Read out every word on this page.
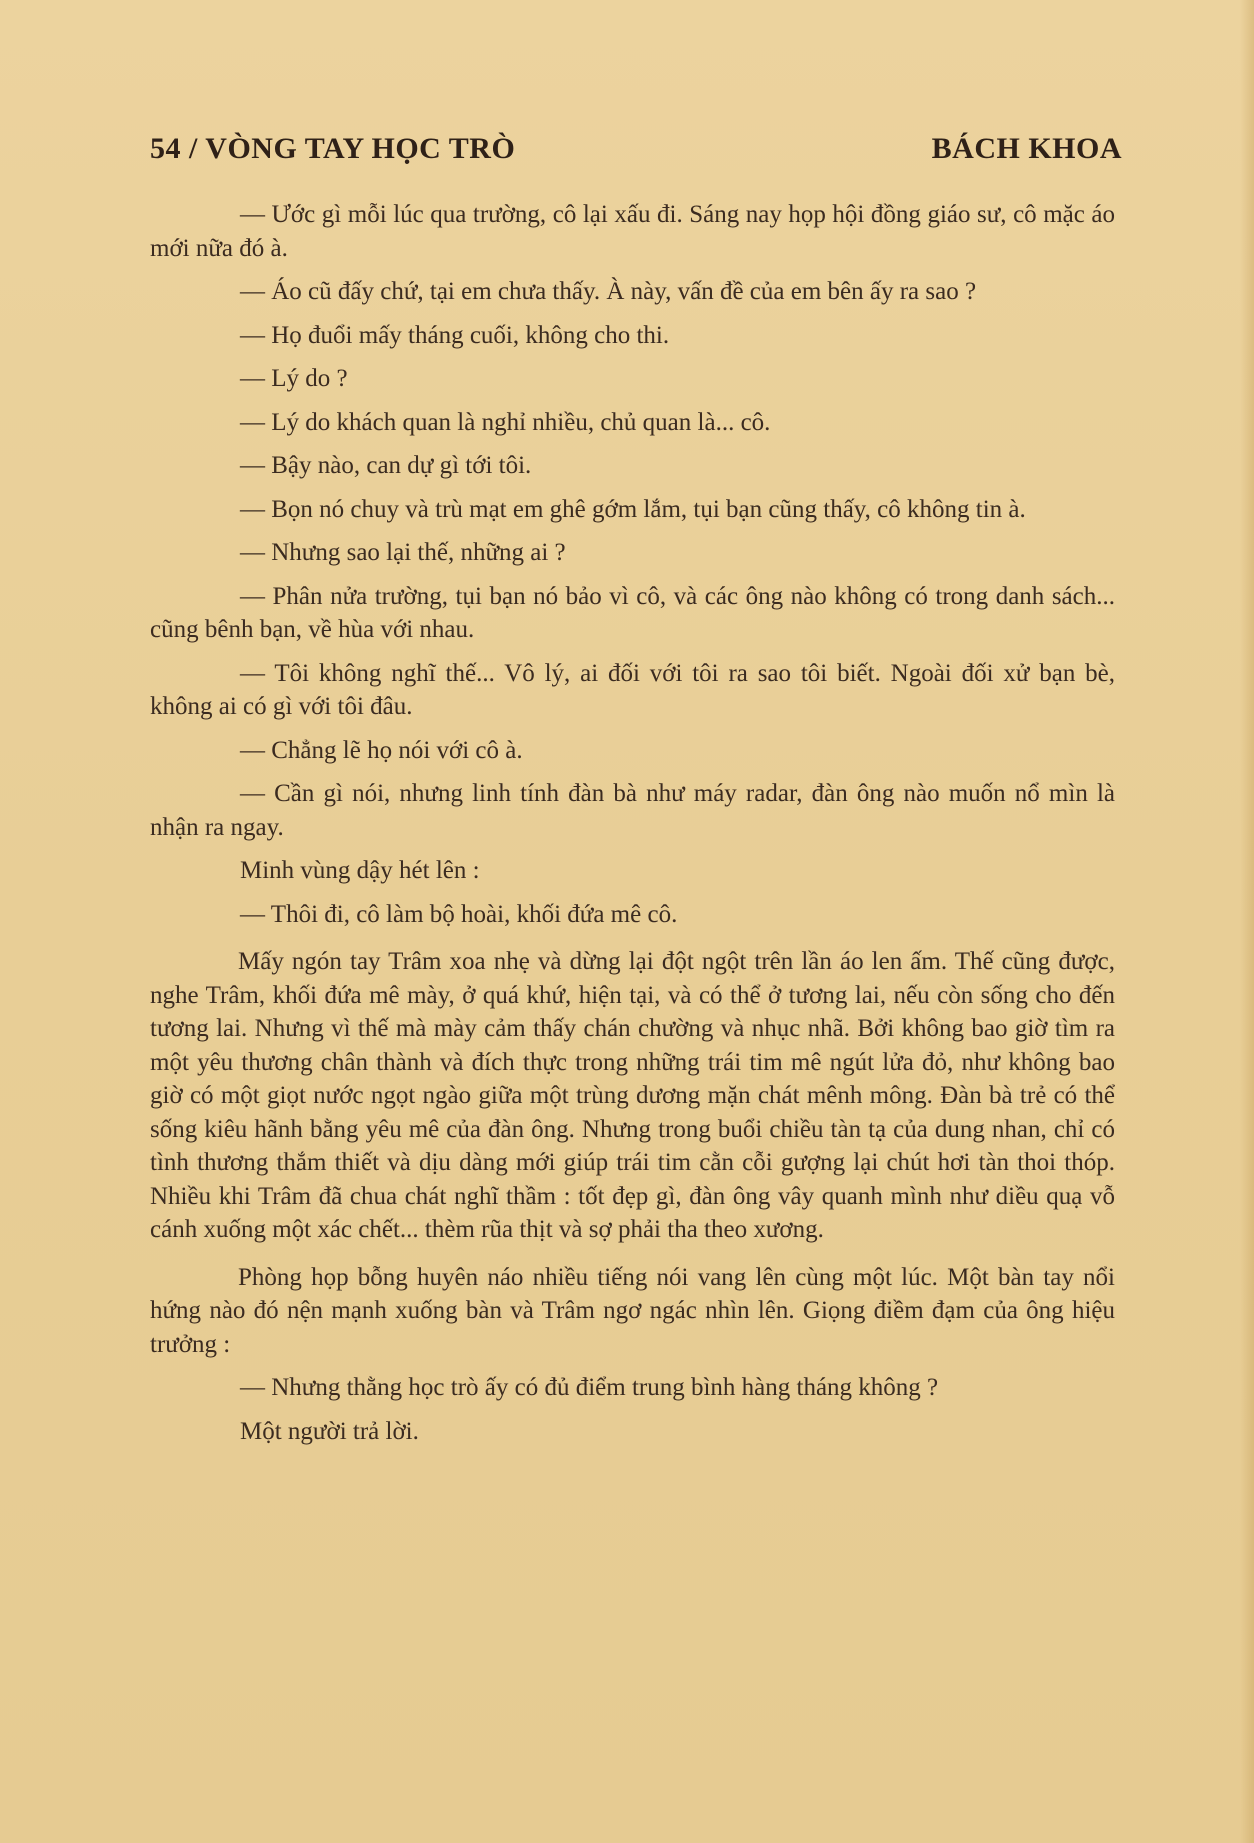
54 / VÒNG TAY HỌC TRÒ	BÁCH KHOA

— Ước gì mỗi lúc qua trường, cô lại xấu đi. Sáng nay họp hội đồng giáo sư, cô mặc áo mới nữa đó à.

— Áo cũ đấy chứ, tại em chưa thấy. À này, vấn đề của em bên ấy ra sao ?

— Họ đuổi mấy tháng cuối, không cho thi.

— Lý do ?

— Lý do khách quan là nghỉ nhiều, chủ quan là... cô.

— Bậy nào, can dự gì tới tôi.

— Bọn nó chuy và trù mạt em ghê gớm lắm, tụi bạn cũng thấy, cô không tin à.

— Nhưng sao lại thế, những ai ?

— Phân nửa trường, tụi bạn nó bảo vì cô, và các ông nào không có trong danh sách... cũng bênh bạn, về hùa với nhau.

— Tôi không nghĩ thế... Vô lý, ai đối với tôi ra sao tôi biết. Ngoài đối xử bạn bè, không ai có gì với tôi đâu.

— Chẳng lẽ họ nói với cô à.

— Cần gì nói, nhưng linh tính đàn bà như máy radar, đàn ông nào muốn nổ mìn là nhận ra ngay.

Minh vùng dậy hét lên :

— Thôi đi, cô làm bộ hoài, khối đứa mê cô.

Mấy ngón tay Trâm xoa nhẹ và dừng lại đột ngột trên lần áo len ấm. Thế cũng được, nghe Trâm, khối đứa mê mày, ở quá khứ, hiện tại, và có thể ở tương lai, nếu còn sống cho đến tương lai. Nhưng vì thế mà mày cảm thấy chán chường và nhục nhã. Bởi không bao giờ tìm ra một yêu thương chân thành và đích thực trong những trái tim mê ngút lửa đỏ, như không bao giờ có một giọt nước ngọt ngào giữa một trùng dương mặn chát mênh mông. Đàn bà trẻ có thể sống kiêu hãnh bằng yêu mê của đàn ông. Nhưng trong buổi chiều tàn tạ của dung nhan, chỉ có tình thương thắm thiết và dịu dàng mới giúp trái tim cằn cỗi gượng lại chút hơi tàn thoi thóp. Nhiều khi Trâm đã chua chát nghĩ thầm : tốt đẹp gì, đàn ông vây quanh mình như diều quạ vỗ cánh xuống một xác chết... thèm rũa thịt và sợ phải tha theo xương.

Phòng họp bỗng huyên náo nhiều tiếng nói vang lên cùng một lúc. Một bàn tay nổi hứng nào đó nện mạnh xuống bàn và Trâm ngơ ngác nhìn lên. Giọng điềm đạm của ông hiệu trưởng :

— Nhưng thằng học trò ấy có đủ điểm trung bình hàng tháng không ?

Một người trả lời.
